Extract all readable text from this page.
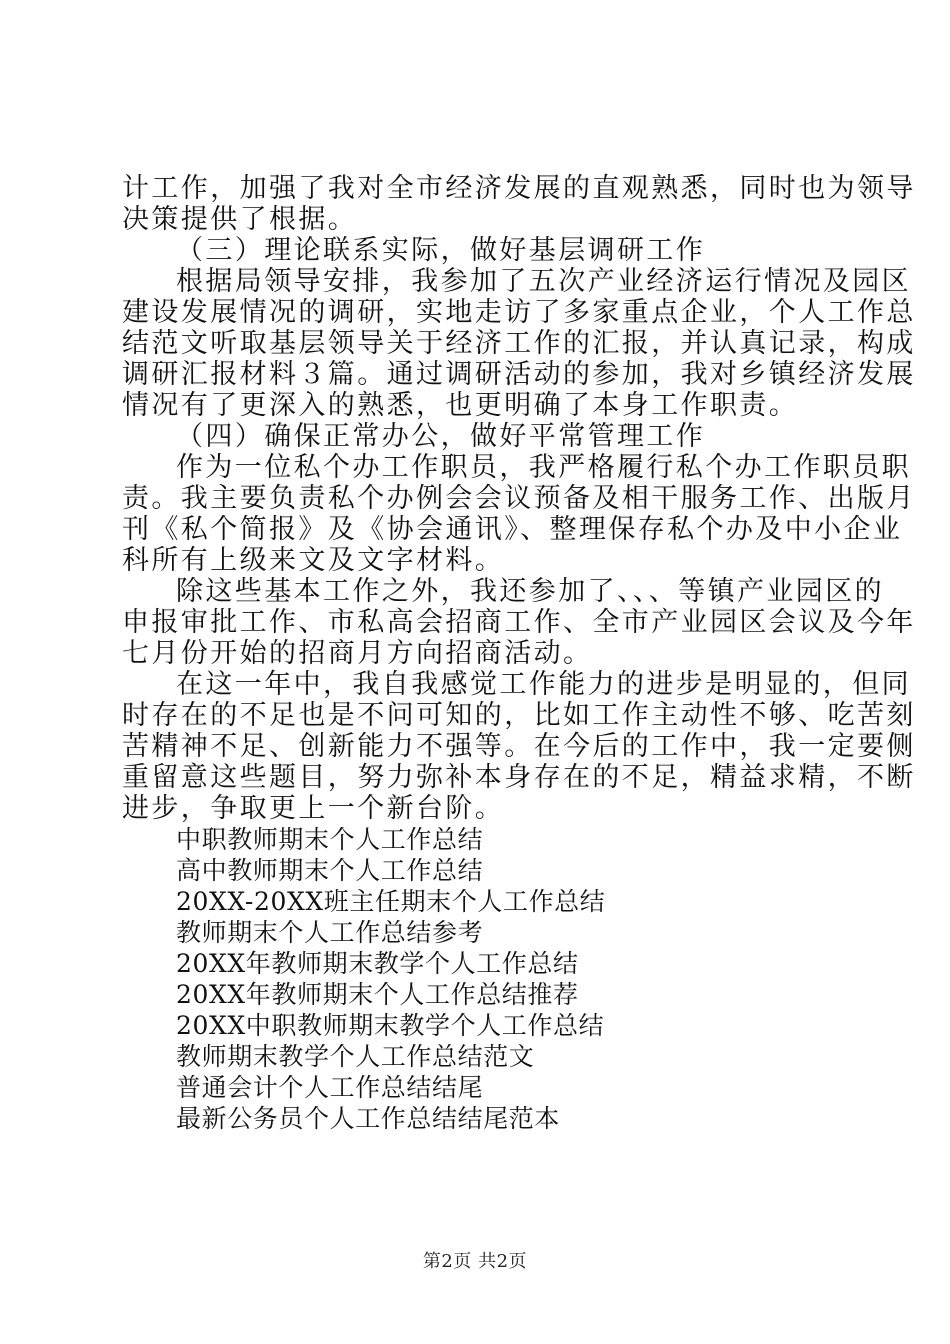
计工作，加强了我对全市经济发展的直观熟悉，同时也为领导
决策提供了根据。
（三）理论联系实际，做好基层调研工作
根据局领导安排，我参加了五次产业经济运行情况及园区
建设发展情况的调研，实地走访了多家重点企业，个人工作总
结范文听取基层领导关于经济工作的汇报，并认真记录，构成
调研汇报材料３篇。通过调研活动的参加，我对乡镇经济发展
情况有了更深入的熟悉，也更明确了本身工作职责。
（四）确保正常办公，做好平常管理工作
作为一位私个办工作职员，我严格履行私个办工作职员职
责。我主要负责私个办例会会议预备及相干服务工作、出版月
刊《私个简报》及《协会通讯》、整理保存私个办及中小企业
科所有上级来文及文字材料。
除这些基本工作之外，我还参加了、、、等镇产业园区的
申报审批工作、市私高会招商工作、全市产业园区会议及今年
七月份开始的招商月方向招商活动。
在这一年中，我自我感觉工作能力的进步是明显的，但同
时存在的不足也是不问可知的，比如工作主动性不够、吃苦刻
苦精神不足、创新能力不强等。在今后的工作中，我一定要侧
重留意这些题目，努力弥补本身存在的不足，精益求精，不断
进步，争取更上一个新台阶。
中职教师期末个人工作总结
高中教师期末个人工作总结
20XX-20XX班主任期末个人工作总结
教师期末个人工作总结参考
20XX年教师期末教学个人工作总结
20XX年教师期末个人工作总结推荐
20XX中职教师期末教学个人工作总结
教师期末教学个人工作总结范文
普通会计个人工作总结结尾
最新公务员个人工作总结结尾范本
第2页 共2页
